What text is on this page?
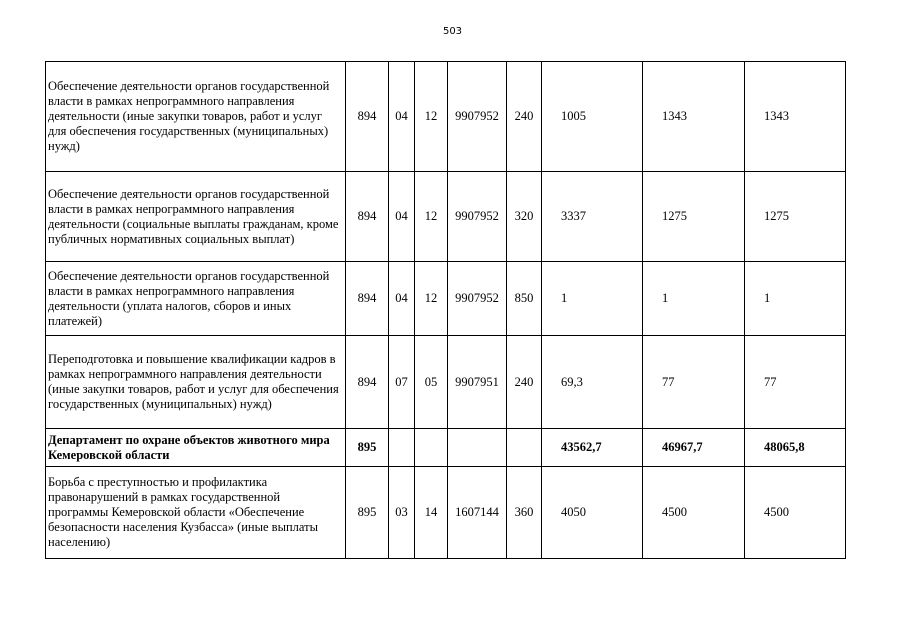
503
Обеспечение деятельности органов государственной власти в рамках непрограммного направления деятельности (иные закупки товаров, работ и услуг для обеспечения государственных (муниципальных) нужд)	894	04	12	9907952	240	1005	1343	1343
Обеспечение деятельности органов государственной власти в рамках непрограммного направления деятельности (социальные выплаты гражданам, кроме публичных нормативных социальных выплат)	894	04	12	9907952	320	3337	1275	1275
Обеспечение деятельности органов государственной власти в рамках непрограммного направления деятельности (уплата налогов, сборов и иных платежей)	894	04	12	9907952	850	1	1	1
Переподготовка и повышение квалификации кадров в рамках непрограммного направления деятельности (иные закупки товаров, работ и услуг для обеспечения государственных (муниципальных) нужд)	894	07	05	9907951	240	69,3	77	77
Департамент по охране объектов животного мира Кемеровской области	895					43562,7	46967,7	48065,8
Борьба с преступностью и профилактика правонарушений в рамках государственной программы Кемеровской области «Обеспечение безопасности населения Кузбасса» (иные выплаты населению)	895	03	14	1607144	360	4050	4500	4500
